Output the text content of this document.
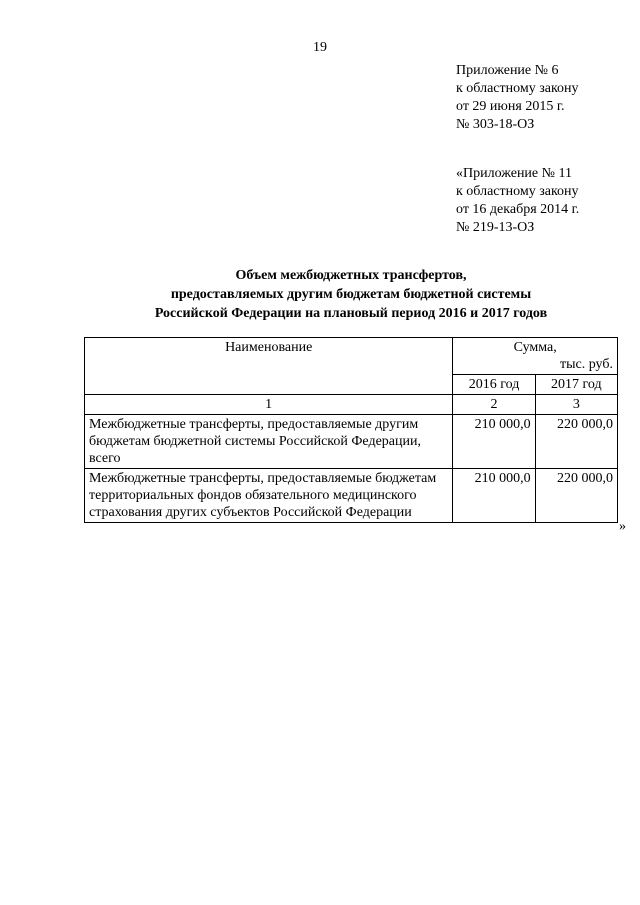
19
Приложение № 6
к областному закону
от 29 июня 2015 г.
№ 303-18-ОЗ
«Приложение № 11
к областному закону
от 16 декабря 2014 г.
№ 219-13-ОЗ
Объем межбюджетных трансфертов,
предоставляемых другим бюджетам бюджетной системы
Российской Федерации на плановый период 2016 и 2017 годов
Наименование	Сумма,
тыс. руб.	

	2016 год	2017 год
1	2	3
Межбюджетные трансферты, предоставляемые другим бюджетам бюджетной системы Российской Федерации, всего	210 000,0	220 000,0
Межбюджетные трансферты, предоставляемые бюджетам территориальных фондов обязательного медицинского страхования других субъектов Российской Федерации	210 000,0	220 000,0
»
